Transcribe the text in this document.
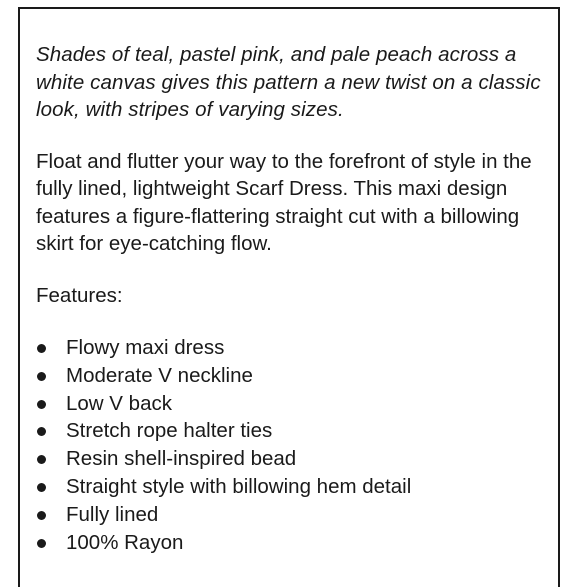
Shades of teal, pastel pink, and pale peach across a white canvas gives this pattern a new twist on a classic look, with stripes of varying sizes.

Float and flutter your way to the forefront of style in the fully lined, lightweight Scarf Dress. This maxi design features a figure-flattering straight cut with a billowing skirt for eye-catching flow.

Features:

Flowy maxi dress
Moderate V neckline
Low V back
Stretch rope halter ties
Resin shell-inspired bead
Straight style with billowing hem detail
Fully lined
100% Rayon
